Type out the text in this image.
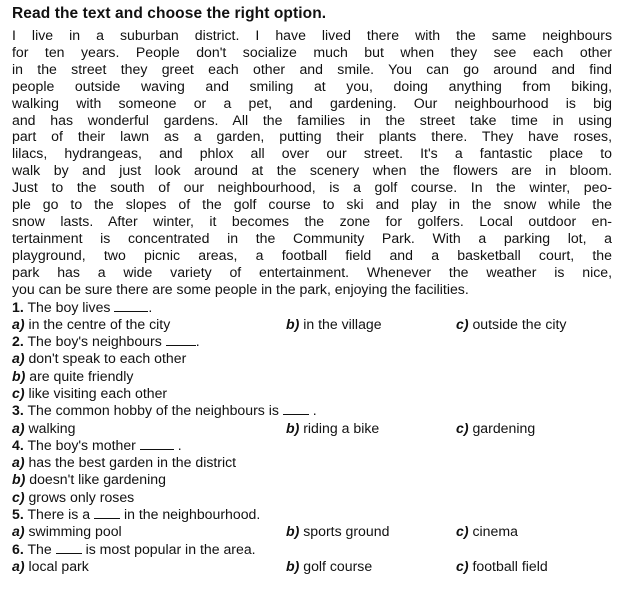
Read the text and choose the right option.
I live in a suburban district. I have lived there with the same neighbours
for ten years. People don't socialize much but when they see each other
in the street they greet each other and smile. You can go around and find
people outside waving and smiling at you, doing anything from biking,
walking with someone or a pet, and gardening. Our neighbourhood is big
and has wonderful gardens. All the families in the street take time in using
part of their lawn as a garden, putting their plants there. They have roses,
lilacs, hydrangeas, and phlox all over our street. It's a fantastic place to
walk by and just look around at the scenery when the flowers are in bloom.
Just to the south of our neighbourhood, is a golf course. In the winter, peo-
ple go to the slopes of the golf course to ski and play in the snow while the
snow lasts. After winter, it becomes the zone for golfers. Local outdoor en-
tertainment is concentrated in the Community Park. With a parking lot, a
playground, two picnic areas, a football field and a basketball court, the
park has a wide variety of entertainment. Whenever the weather is nice,
you can be sure there are some people in the park, enjoying the facilities.
1. The boy lives	.
a) in the centre of the city	b) in the village	c) outside the city
2. The boy's neighbours .
a) don't speak to each other
b) are quite friendly
c) like visiting each other
3. The common hobby of the neighbours is .
a) walking	b) riding a bike	c) gardening
4. The boy's mother	.
a) has the best garden in the district
b) doesn't like gardening
c) grows only roses
5. There is a in the neighbourhood.
a) swimming pool	b) sports ground	c) cinema
6. The is most popular in the area.
a) local park	b) golf course	c) football field
